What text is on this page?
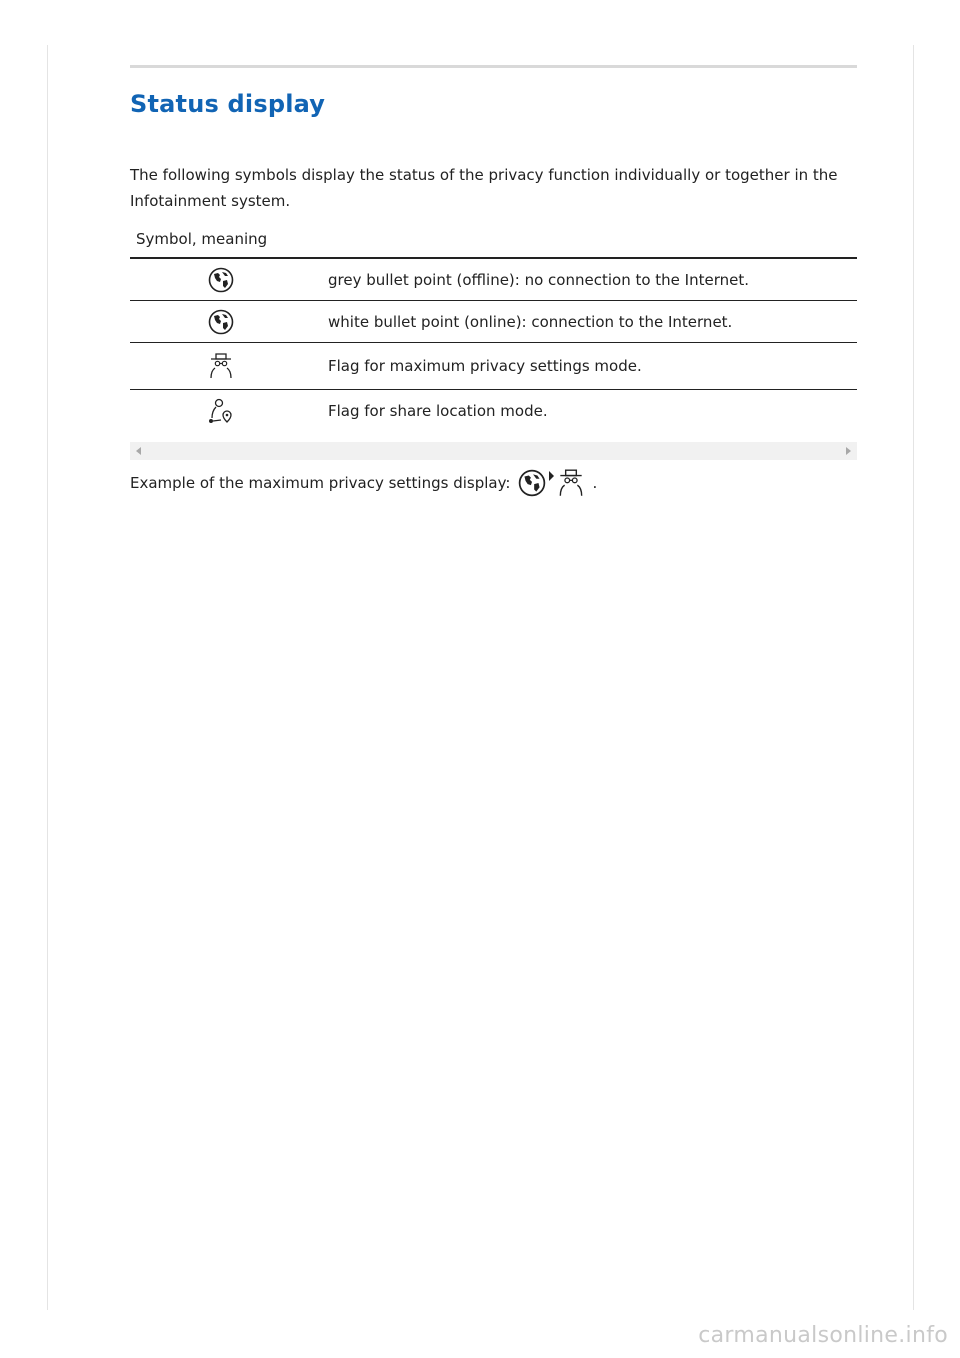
Status display

The following symbols display the status of the privacy function individually or together in the Infotainment system.

Symbol, meaning
grey bullet point (offline): no connection to the Internet.
white bullet point (online): connection to the Internet.
Flag for maximum privacy settings mode.
Flag for share location mode.
Example of the maximum privacy settings display:	.
carmanualsonline.info
